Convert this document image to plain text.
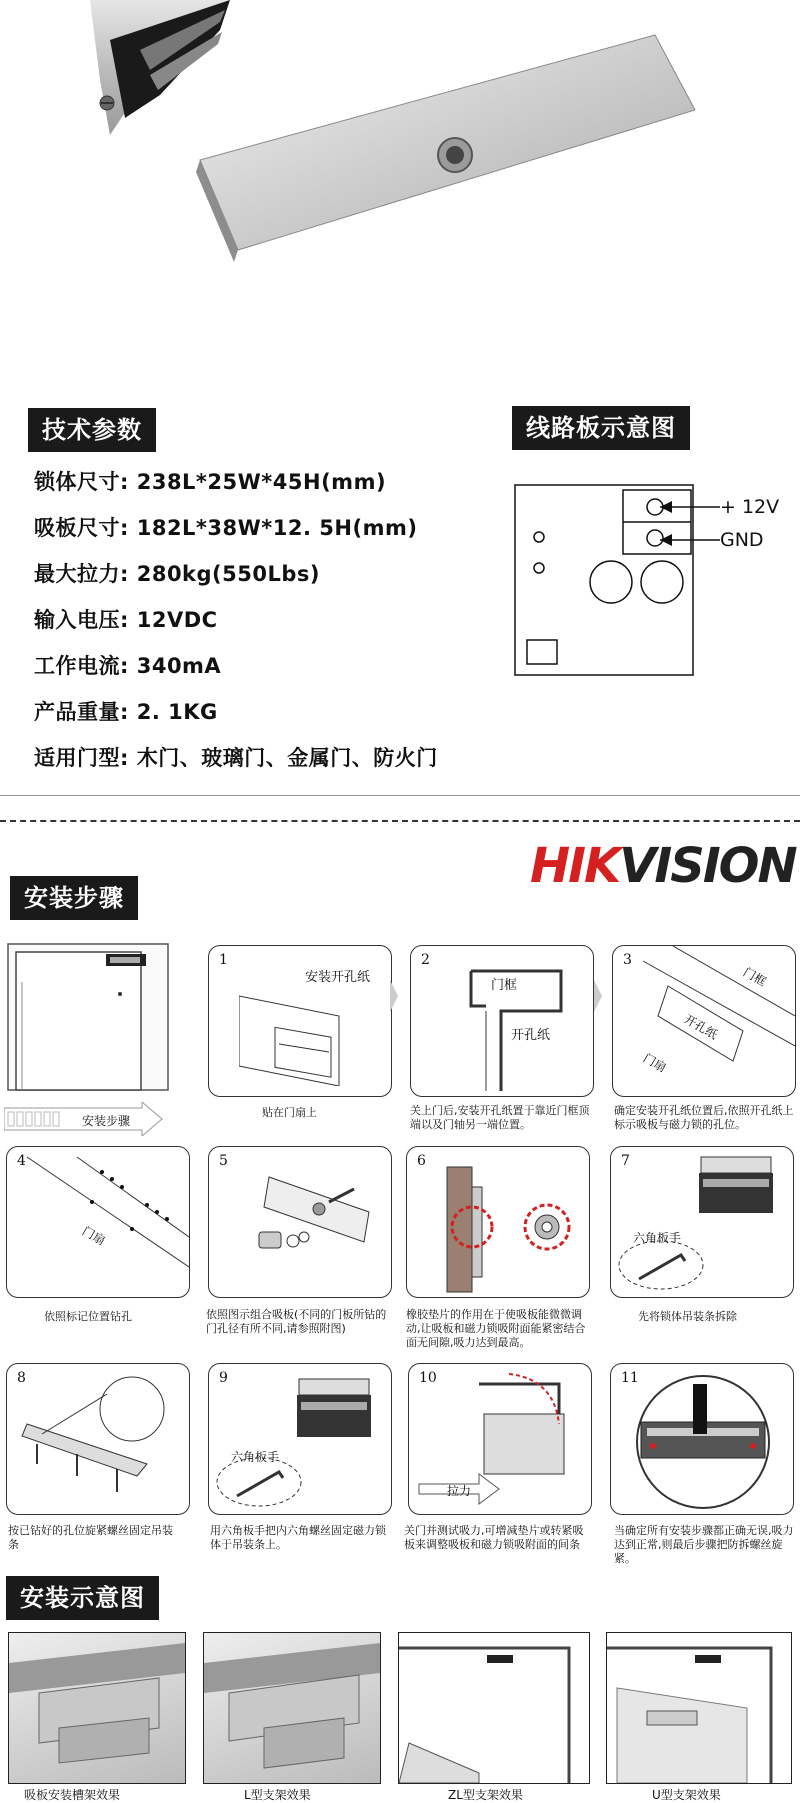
技术参数
锁体尺寸: 238L*25W*45H(mm)
吸板尺寸: 182L*38W*12. 5H(mm)
最大拉力: 280kg(550Lbs)
输入电压: 12VDC
工作电流: 340mA
产品重量: 2. 1KG
适用门型: 木门、玻璃门、金属门、防火门
线路板示意图
+ 12V
GND
HIKVISION
安装步骤
安装步骤
1
安装开孔纸
2
门框
开孔纸
3
门框
开孔纸
门扇
贴在门扇上	关上门后,安装开孔纸置于靠近门框顶端以及门轴另一端位置。
确定安装开孔纸位置后,依照开孔纸上标示吸板与磁力锁的孔位。
4
门扇
5	6	7
六角板手
依照标记位置钻孔	依照图示组合吸板(不同的门板所钻的门孔径有所不同,请参照附图)
橡胶垫片的作用在于使吸板能微微调动,让吸板和磁力锁吸附面能紧密结合面无间隙,吸力达到最高。
先将锁体吊装条拆除
8	9
六角板手
10
拉力
11
按已钻好的孔位旋紧螺丝固定吊装条
用六角板手把内六角螺丝固定磁力锁体于吊装条上。
关门并测试吸力,可增减垫片或转紧吸板来调整吸板和磁力锁吸附面的间条
当确定所有安装步骤都正确无误,吸力达到正常,则最后步骤把防拆螺丝旋紧。
安装示意图
吸板安装槽架效果	L型支架效果	ZL型支架效果	U型支架效果
